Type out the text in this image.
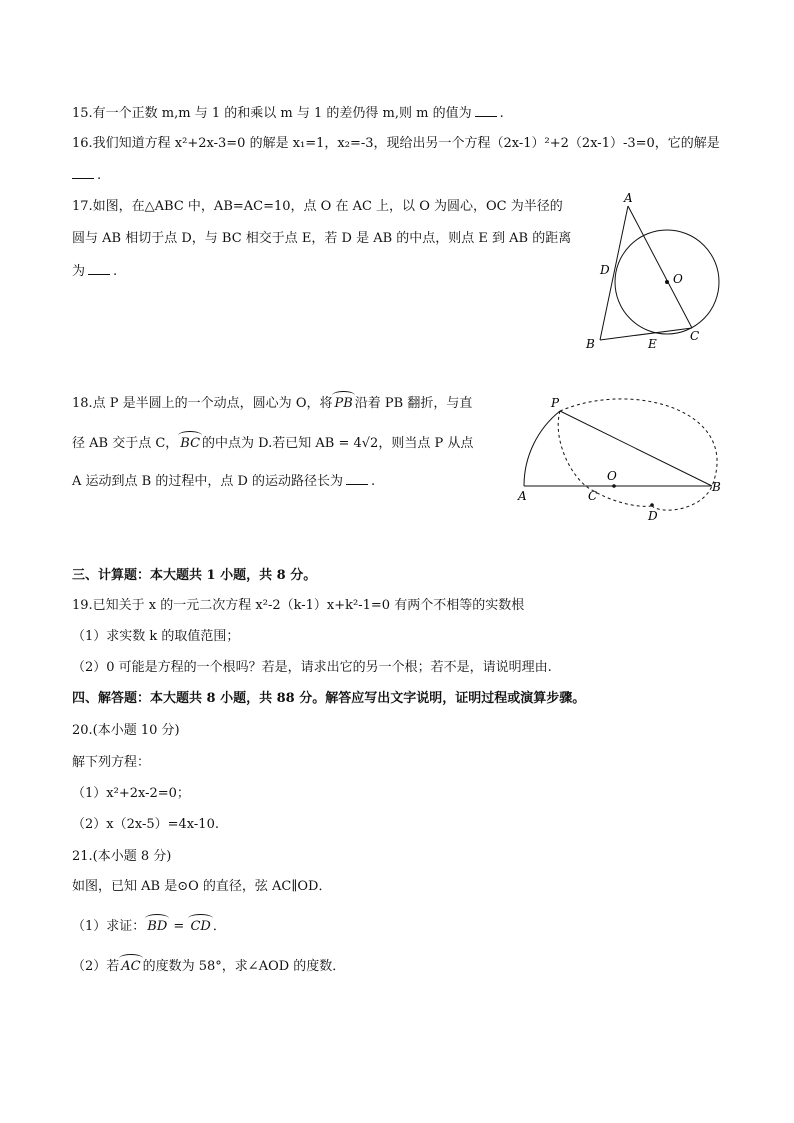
15.有一个正数 m,m 与 1 的和乘以 m 与 1 的差仍得 m,则 m 的值为 .
16.我们知道方程 x²+2x-3=0 的解是 x₁=1，x₂=-3，现给出另一个方程（2x-1）²+2（2x-1）-3=0，它的解是
.
17.如图，在△ABC 中，AB=AC=10，点 O 在 AC 上，以 O 为圆心，OC 为半径的
圆与 AB 相切于点 D，与 BC 相交于点 E，若 D 是 AB 的中点，则点 E 到 AB 的距离
为 .
A
D
O
B	E
C
18.点 P 是半圆上的一个动点，圆心为 O，将 PB 沿着 PB 翻折，与直
径 AB 交于点 C， BC 的中点为 D.若已知 AB = 4√2，则当点 P 从点
A 运动到点 B 的过程中，点 D 的运动路径长为 .
P
A	C
O
B
D
三、计算题：本大题共 1 小题，共 8 分。
19.已知关于 x 的一元二次方程 x²-2（k-1）x+k²-1=0 有两个不相等的实数根
（1）求实数 k 的取值范围；
（2）0 可能是方程的一个根吗？若是，请求出它的另一个根；若不是，请说明理由.
四、解答题：本大题共 8 小题，共 88 分。解答应写出文字说明，证明过程或演算步骤。
20.(本小题 10 分)
解下列方程：
（1）x²+2x-2=0；
（2）x（2x-5）=4x-10.
21.(本小题 8 分)
如图，已知 AB 是⊙O 的直径，弦 AC∥OD．
（1）求证： BD = CD ．
（2）若 AC 的度数为 58°，求∠AOD 的度数．
